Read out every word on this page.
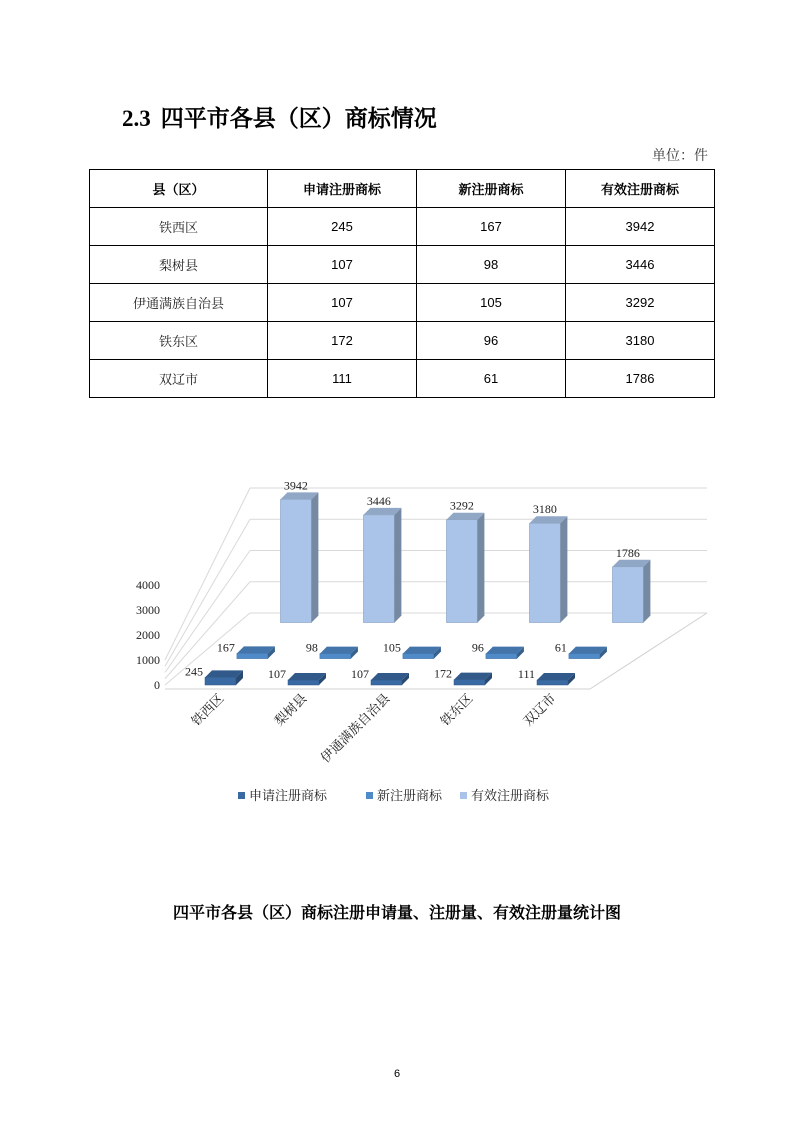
2.3 四平市各县（区）商标情况
单位：件
县（区）	申请注册商标	新注册商标	有效注册商标
铁西区	245	167	3942
梨树县	107	98	3446
伊通满族自治县	107	105	3292
铁东区	172	96	3180
双辽市	111	61	1786
0
1000
2000
3000
4000
3942
3446	3292	3180
1786
167	98	105	96	61
245	107	107	172	111
铁西区	梨树县 伊通满族自治县	铁东区	双辽市
申请注册商标	新注册商标 有效注册商标
四平市各县（区）商标注册申请量、注册量、有效注册量统计图
6
